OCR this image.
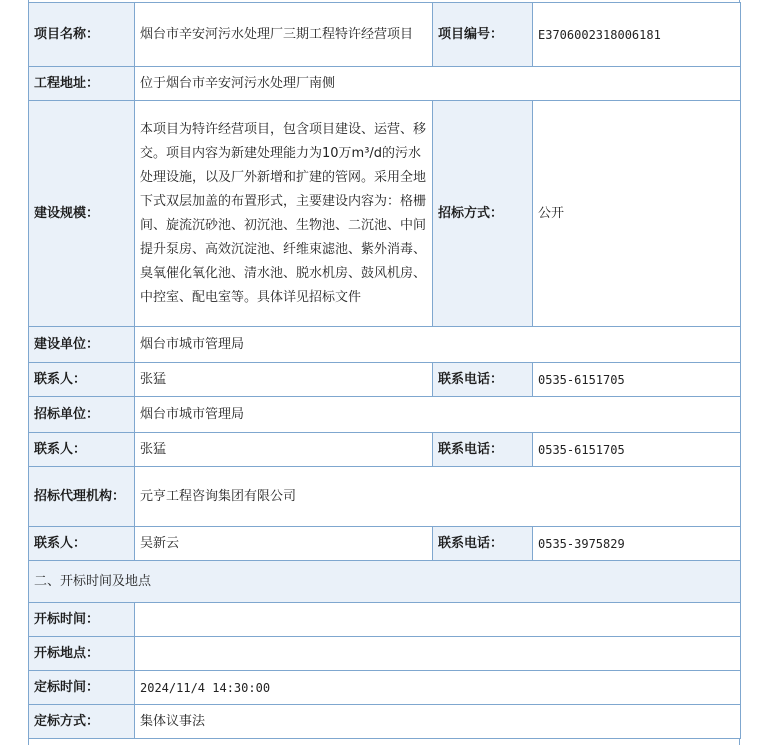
项目名称：	烟台市辛安河污水处理厂三期工程特许经营项目	项目编号：	E3706002318006181
工程地址：	位于烟台市辛安河污水处理厂南侧		
建设规模：	本项目为特许经营项目，包含项目建设、运营、移交。项目内容为新建处理能力为10万m³/d的污水处理设施，以及厂外新增和扩建的管网。采用全地下式双层加盖的布置形式，主要建设内容为：格栅间、旋流沉砂池、初沉池、生物池、二沉池、中间提升泵房、高效沉淀池、纤维束滤池、紫外消毒、臭氧催化氧化池、清水池、脱水机房、鼓风机房、中控室、配电室等。具体详见招标文件	招标方式：	公开
建设单位：	烟台市城市管理局		
联系人：	张猛	联系电话：	0535-6151705
招标单位：	烟台市城市管理局		
联系人：	张猛	联系电话：	0535-6151705
招标代理机构：	元亨工程咨询集团有限公司		
联系人：	吴新云	联系电话：	0535-3975829
二、开标时间及地点			
开标时间：			
开标地点：			
定标时间：	2024/11/4 14:30:00		
定标方式：	集体议事法		
